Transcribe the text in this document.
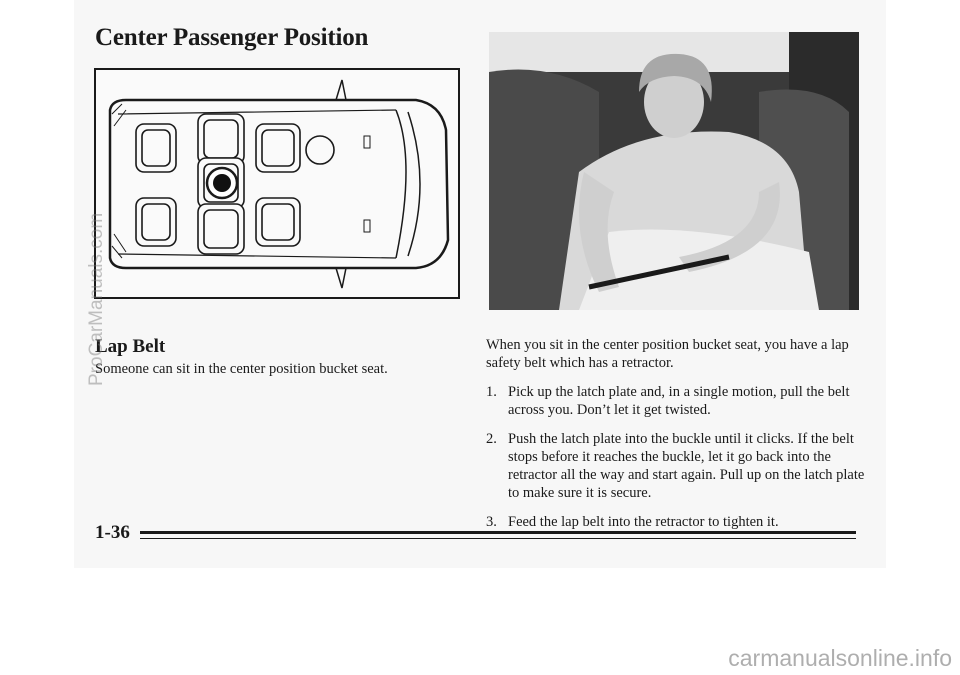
Center Passenger Position
Lap Belt
Someone can sit in the center position bucket seat.

When you sit in the center position bucket seat, you have a lap safety belt which has a retractor.

1. Pick up the latch plate and, in a single motion, pull the belt across you. Don’t let it get twisted.
2. Push the latch plate into the buckle until it clicks. If the belt stops before it reaches the buckle, let it go back into the retractor all the way and start again. Pull up on the latch plate to make sure it is secure.
3. Feed the lap belt into the retractor to tighten it.
1-36
ProCarManuals.com
carmanualsonline.info
